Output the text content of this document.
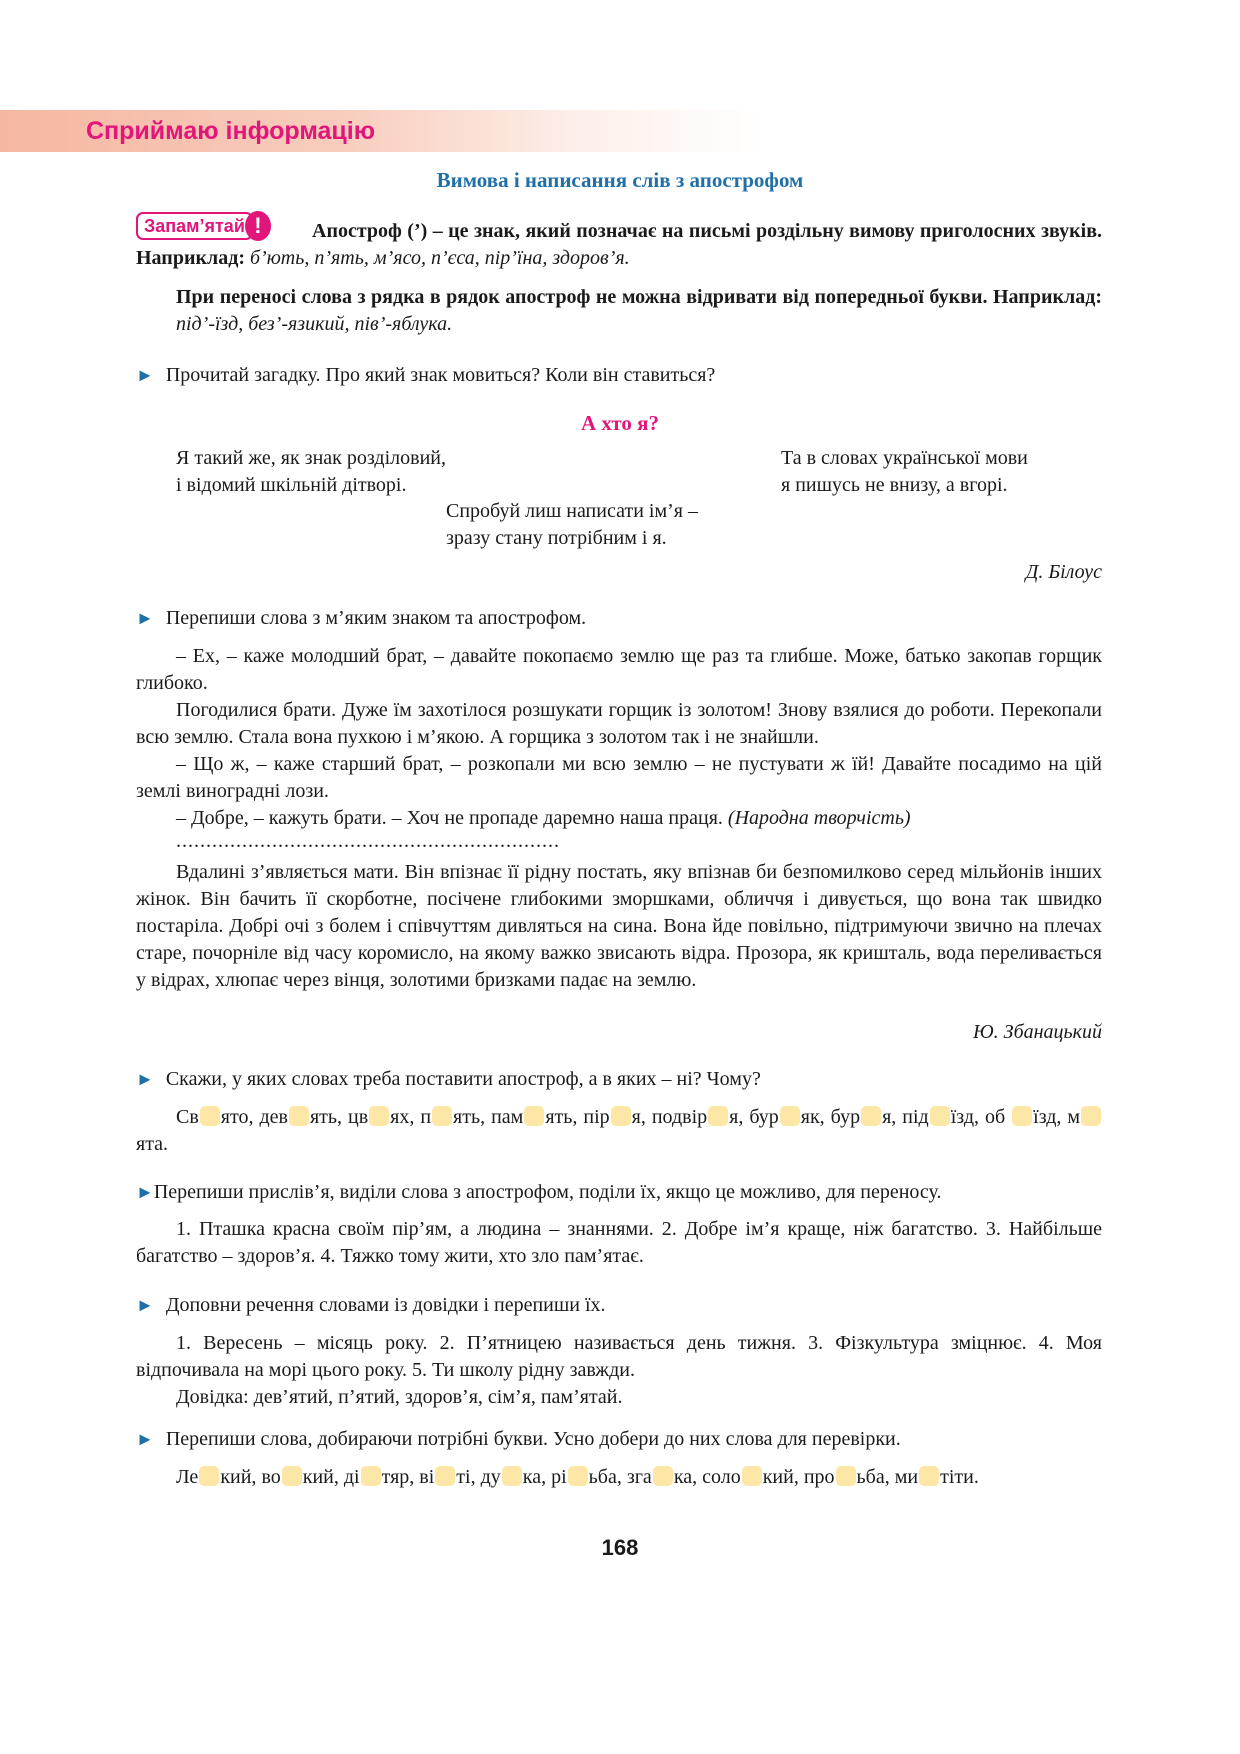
Сприймаю інформацію
Вимова і написання слів з апострофом
Запам’ятай !	Апостроф (’) – це знак, який позначає на письмі роздільну вимову приголосних звуків. Наприклад: б’ють, п’ять, м’ясо, п’єса, пір’їна, здоров’я.
При переносі слова з рядка в рядок апостроф не можна відривати від попередньої букви. Наприклад: під’-їзд, без’-язикий, пів’-яблука.
► Прочитай загадку. Про який знак мовиться? Коли він ставиться?
А хто я?
Я такий же, як знак розділовий,
і відомий шкільній дітворі.
Спробуй лиш написати ім’я –
зразу стану потрібним і я.
Та в словах української мови
я пишусь не внизу, а вгорі.
Д. Білоус
► Перепиши слова з м’яким знаком та апострофом.
– Ех, – каже молодший брат, – давайте покопаємо землю ще раз та глибше. Може, батько закопав горщик глибоко.
Погодилися брати. Дуже їм захотілося розшукати горщик із золотом! Знову взялися до роботи. Перекопали всю землю. Стала вона пухкою і м’якою. А горщика з золотом так і не знайшли.
– Що ж, – каже старший брат, – розкопали ми всю землю – не пустувати ж їй! Давайте посадимо на цій землі виноградні лози.
– Добре, – кажуть брати. – Хоч не пропаде даремно наша праця. (Народна творчість)
................................................................
Вдалині з’являється мати. Він впізнає її рідну постать, яку впізнав би безпомилково серед мільйонів інших жінок. Він бачить її скорботне, посічене глибокими зморшками, обличчя і дивується, що вона так швидко постаріла. Добрі очі з болем і співчуттям дивляться на сина. Вона йде повільно, підтримуючи звично на плечах старе, почорніле від часу коромисло, на якому важко звисають відра. Прозора, як кришталь, вода переливається у відрах, хлюпає через вінця, золотими бризками падає на землю.
Ю. Збанацький
► Скажи, у яких словах треба поставити апостроф, а в яких – ні? Чому?
Св ято, дев ять, цв ях, п ять, пам ять, пір я, подвір я, бур як, бур я, під їзд, об їзд, мята.
►Перепиши прислів’я, виділи слова з апострофом, поділи їх, якщо це можливо, для переносу.
1. Пташка красна своїм пір’ям, а людина – знаннями. 2. Добре ім’я краще, ніж багатство. 3. Найбільше багатство – здоров’я. 4. Тяжко тому жити, хто зло пам’ятає.
► Доповни речення словами із довідки і перепиши їх.
1. Вересень – місяць року. 2. П’ятницею називається день тижня. 3. Фізкультура зміцнює. 4. Моя відпочивала на морі цього року. 5. Ти школу рідну завжди.
Довідка: дев’ятий, п’ятий, здоров’я, сім’я, пам’ятай.
► Перепиши слова, добираючи потрібні букви. Усно добери до них слова для перевірки.
Ле кий, во кий, ді тяр, ві ті, ду ка, рі ьба, зга ка, соло кий, про ьба, ми тіти.
168
